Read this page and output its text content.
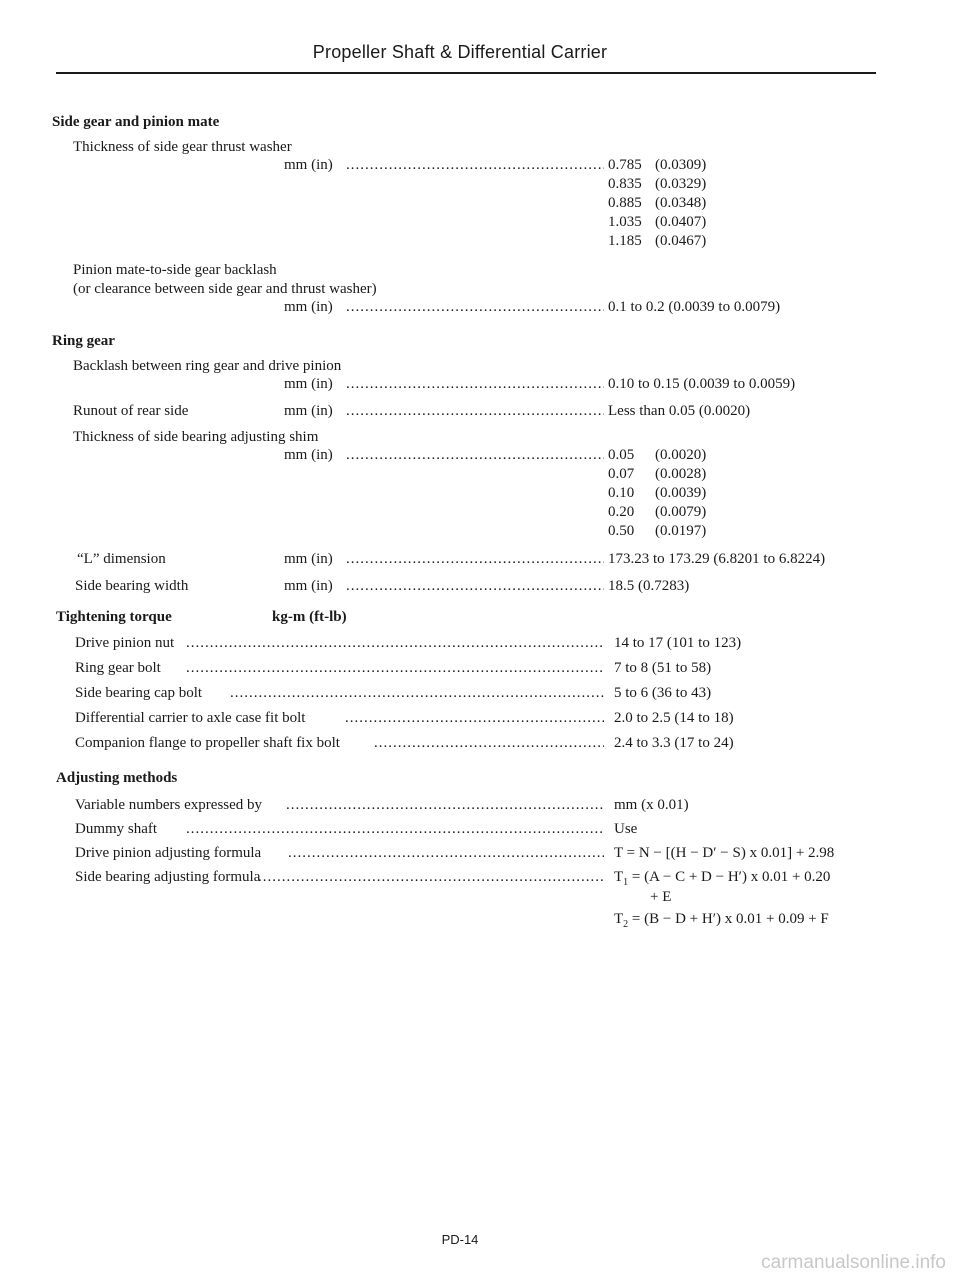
Propeller Shaft & Differential Carrier
Side gear and pinion mate
Thickness of side gear thrust washer
mm (in) .....	0.785 (0.0309)
0.835 (0.0329)
0.885 (0.0348)
1.035 (0.0407)
1.185 (0.0467)
Pinion mate-to-side gear backlash
(or clearance between side gear and thrust washer)
mm (in) .....	0.1 to 0.2 (0.0039 to 0.0079)
Ring gear
Backlash between ring gear and drive pinion
mm (in) .....	0.10 to 0.15 (0.0039 to 0.0059)
Runout of rear side	mm (in) .....	Less than 0.05 (0.0020)
Thickness of side bearing adjusting shim
mm (in) .....	0.05 (0.0020)
0.07 (0.0028)
0.10 (0.0039)
0.20 (0.0079)
0.50 (0.0197)
“L” dimension	mm (in) .....	173.23 to 173.29 (6.8201 to 6.8224)
Side bearing width	mm (in) .....	18.5 (0.7283)
Tightening torque	kg-m (ft-lb)
Drive pinion nut .....	14 to 17 (101 to 123)
Ring gear bolt .....	7 to 8 (51 to 58)
Side bearing cap bolt .....	5 to 6 (36 to 43)
Differential carrier to axle case fit bolt .....	2.0 to 2.5 (14 to 18)
Companion flange to propeller shaft fix bolt .....	2.4 to 3.3 (17 to 24)
Adjusting methods
Variable numbers expressed by .....	mm (x 0.01)
Dummy shaft .....	Use
Drive pinion adjusting formula .....	T = N − [(H − D′ − S) x 0.01] + 2.98
Side bearing adjusting formula .....	$T_1 = (A - C + D - H')$ x 0.01 + 0.20
+ E
$T_2 = (B - D + H')$ x 0.01 + 0.09 + F
PD-14
carmanualsonline.info
